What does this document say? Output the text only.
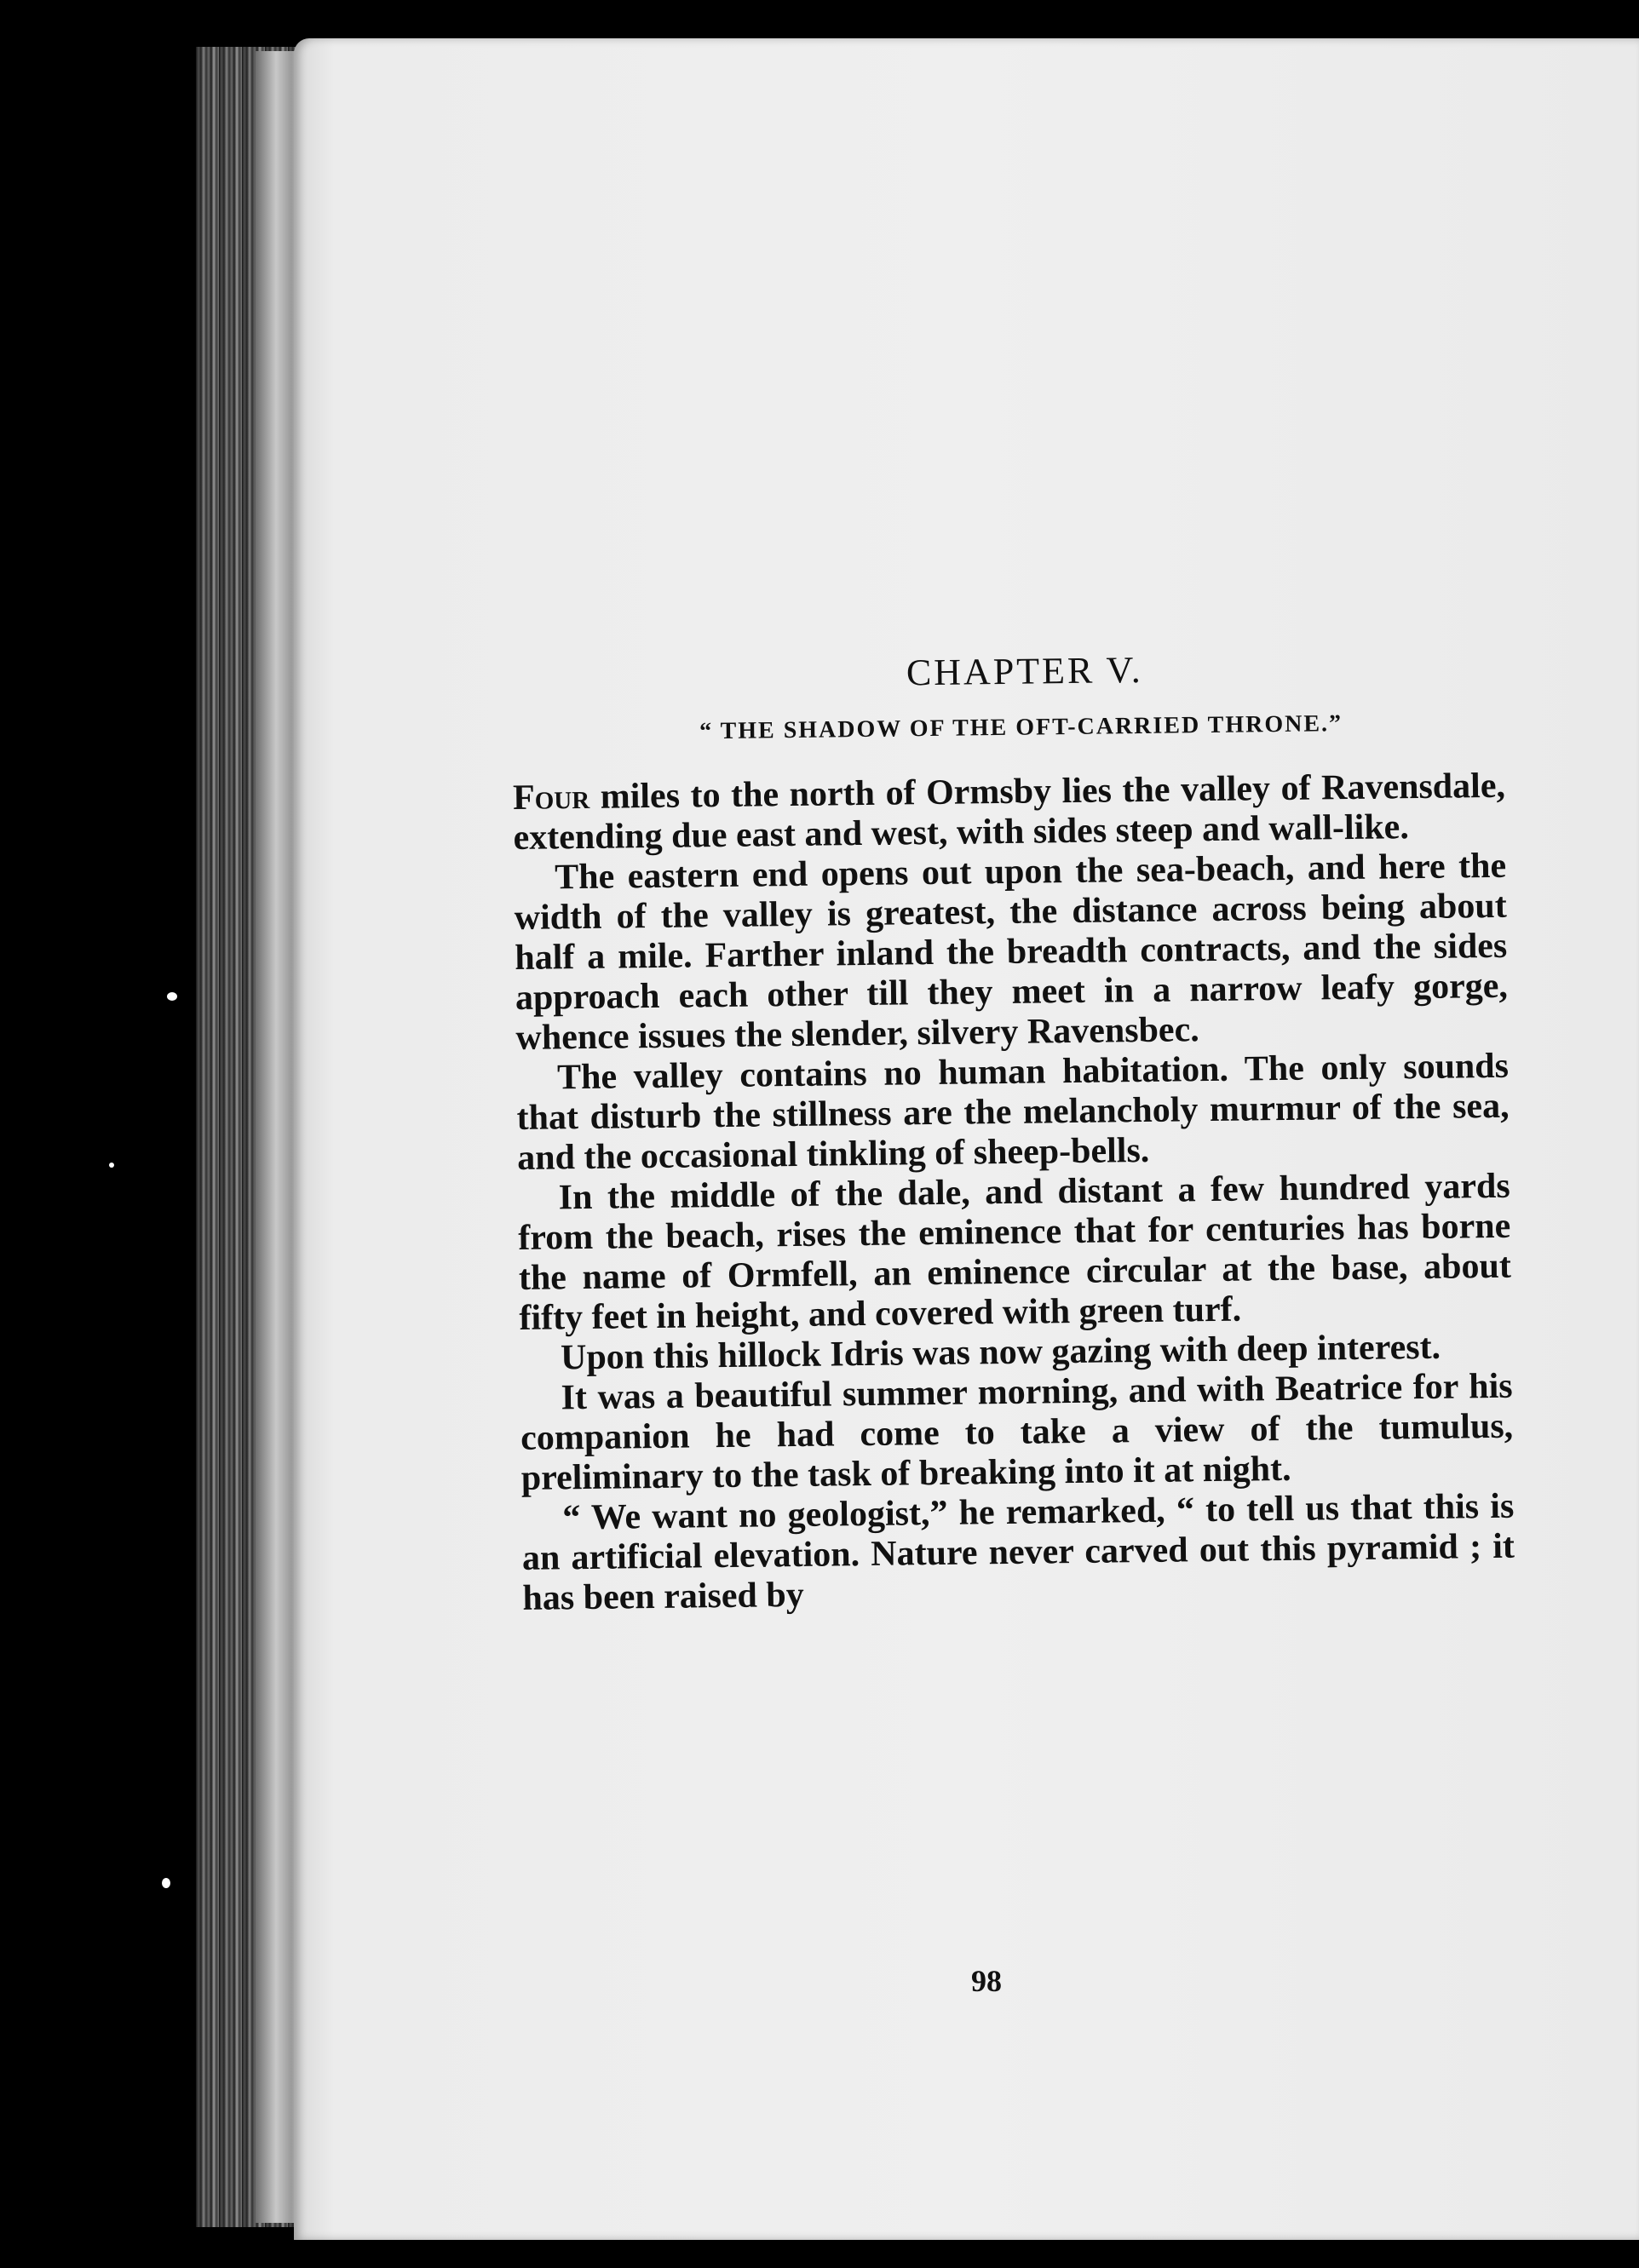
CHAPTER V.
“ THE SHADOW OF THE OFT-CARRIED THRONE.”

Four miles to the north of Ormsby lies the valley of Ravensdale, extending due east and west, with sides steep and wall-like.

The eastern end opens out upon the sea-beach, and here the width of the valley is greatest, the distance across being about half a mile. Farther inland the breadth contracts, and the sides approach each other till they meet in a narrow leafy gorge, whence issues the slender, silvery Ravensbec.

The valley contains no human habitation. The only sounds that disturb the stillness are the melancholy murmur of the sea, and the occasional tinkling of sheep-bells.

In the middle of the dale, and distant a few hundred yards from the beach, rises the eminence that for centuries has borne the name of Ormfell, an eminence circular at the base, about fifty feet in height, and covered with green turf.

Upon this hillock Idris was now gazing with deep interest.

It was a beautiful summer morning, and with Beatrice for his companion he had come to take a view of the tumulus, preliminary to the task of breaking into it at night.

“ We want no geologist,” he remarked, “ to tell us that this is an artificial elevation. Nature never carved out this pyramid ; it has been raised by

98
